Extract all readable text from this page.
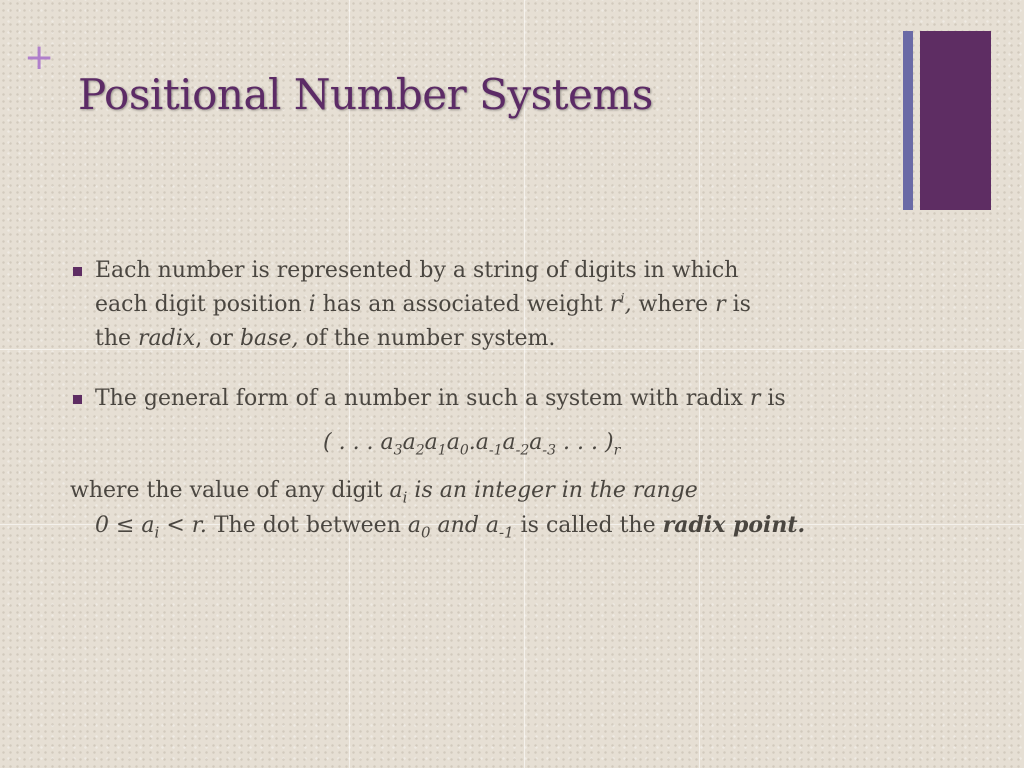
+
Positional Number Systems
Each number is represented by a string of digits in which
each digit position i has an associated weight $r^i$, where r is
the radix, or base, of the number system.
The general form of a number in such a system with radix r is
( . . . $a_3a_2a_1a_0.a_{-1}a_{-2}a_{-3}$ . . . )$_r$
where the value of any digit $a_i$ is an integer in the range
$0 \le a_i < r$. The dot between $a_0$ and $a_{-1}$ is called the radix point.
